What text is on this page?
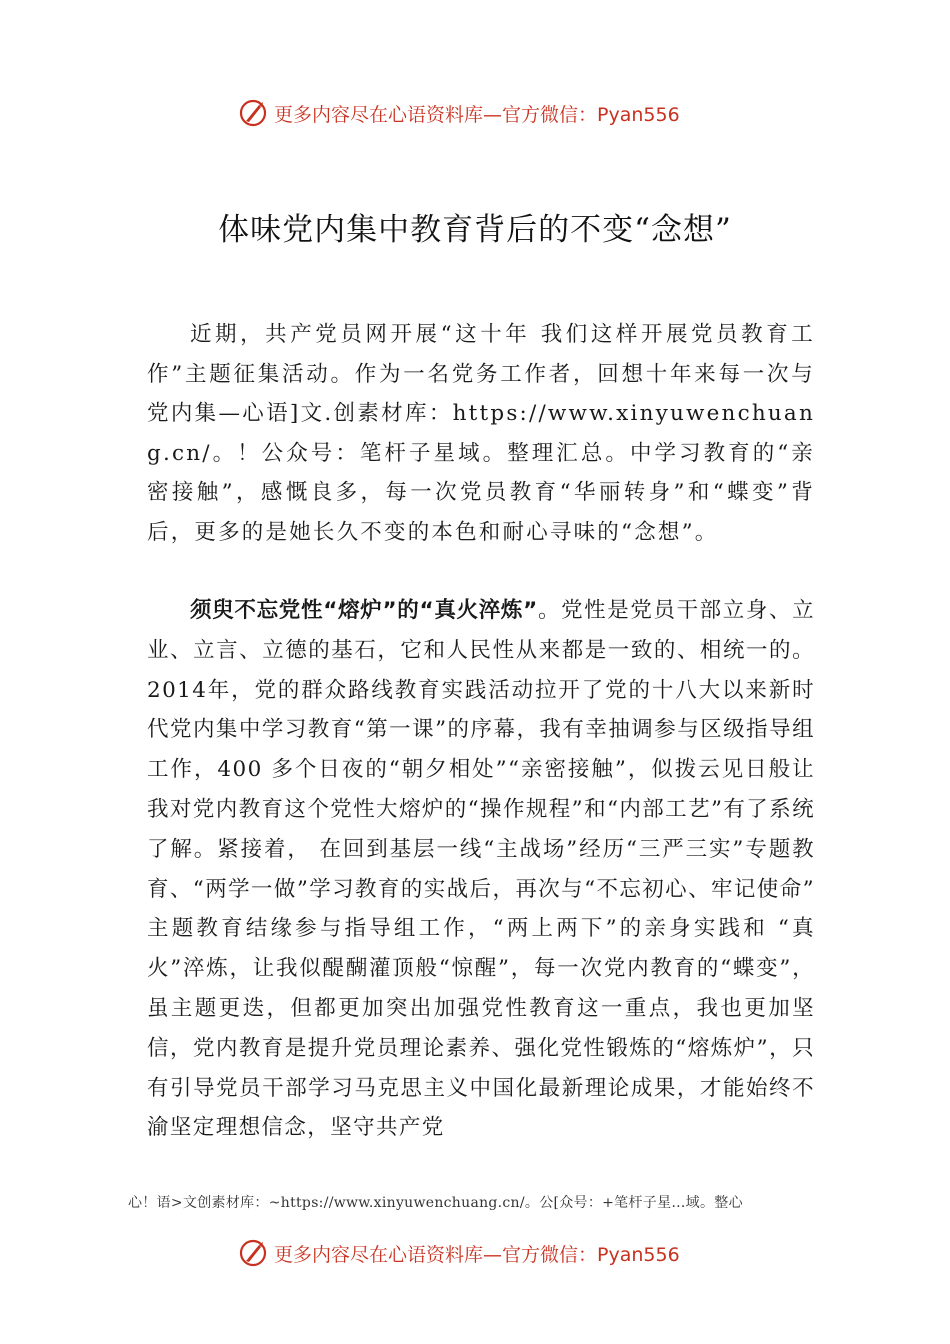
更多内容尽在心语资料库—官方微信：Pyan556
体味党内集中教育背后的不变“念想”

近期，共产党员网开展“这十年 我们这样开展党员教育工作”主题征集活动。作为一名党务工作者，回想十年来每一次与党内集—心语]文.创素材库：https://www.xinyuwenchuang.cn/。！公众号：笔杆子星域。整理汇总。中学习教育的“亲密接触”，感慨良多，每一次党员教育“华丽转身”和“蝶变”背后，更多的是她长久不变的本色和耐心寻味的“念想”。

须臾不忘党性“熔炉”的“真火淬炼”。党性是党员干部立身、立业、立言、立德的基石，它和人民性从来都是一致的、相统一的。2014年，党的群众路线教育实践活动拉开了党的十八大以来新时代党内集中学习教育“第一课”的序幕，我有幸抽调参与区级指导组工作，400 多个日夜的“朝夕相处”“亲密接触”，似拨云见日般让我对党内教育这个党性大熔炉的“操作规程”和“内部工艺”有了系统了解。紧接着， 在回到基层一线“主战场”经历“三严三实”专题教育、“两学一做”学习教育的实战后，再次与“不忘初心、牢记使命” 主题教育结缘参与指导组工作，“两上两下”的亲身实践和 “真火”淬炼，让我似醍醐灌顶般“惊醒”，每一次党内教育的“蝶变”，虽主题更迭，但都更加突出加强党性教育这一重点，我也更加坚信，党内教育是提升党员理论素养、强化党性锻炼的“熔炼炉”，只有引导党员干部学习马克思主义中国化最新理论成果，才能始终不渝坚定理想信念，坚守共产党

心！语>文创素材库：~https://www.xinyuwenchuang.cn/。公[众号：+笔杆子星…域。整心
更多内容尽在心语资料库—官方微信：Pyan556
